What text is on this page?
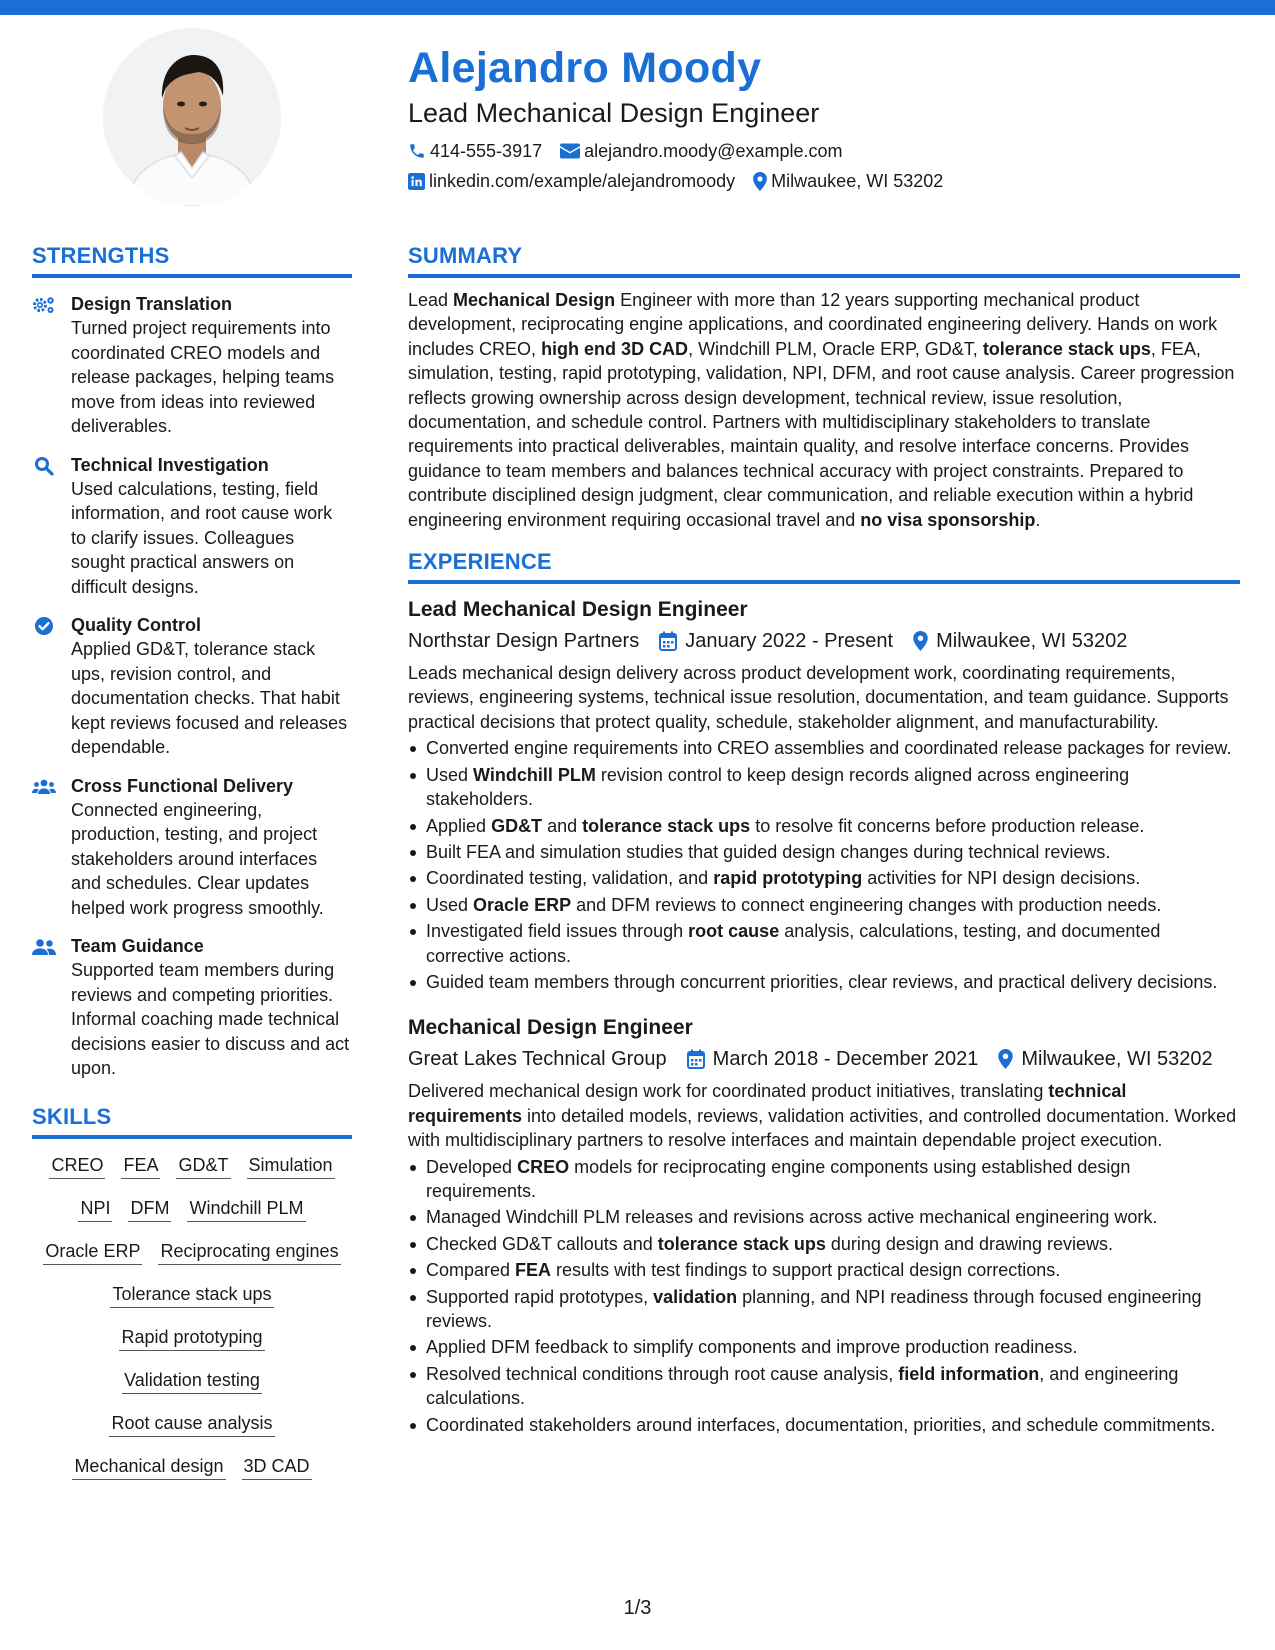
Alejandro Moody
Lead Mechanical Design Engineer
414-555-3917 alejandro.moody@example.com
linkedin.com/example/alejandromoody Milwaukee, WI 53202
STRENGTHS
Design Translation
Turned project requirements into coordinated CREO models and release packages, helping teams move from ideas into reviewed deliverables.
Technical Investigation
Used calculations, testing, field information, and root cause work to clarify issues. Colleagues sought practical answers on difficult designs.
Quality Control
Applied GD&T, tolerance stack ups, revision control, and documentation checks. That habit kept reviews focused and releases dependable.
Cross Functional Delivery
Connected engineering, production, testing, and project stakeholders around interfaces and schedules. Clear updates helped work progress smoothly.
Team Guidance
Supported team members during reviews and competing priorities. Informal coaching made technical decisions easier to discuss and act upon.
SKILLS
CREO FEA GD&T Simulation
NPI DFM Windchill PLM
Oracle ERP Reciprocating engines
Tolerance stack ups
Rapid prototyping
Validation testing
Root cause analysis
Mechanical design 3D CAD
SUMMARY

Lead Mechanical Design Engineer with more than 12 years supporting mechanical product development, reciprocating engine applications, and coordinated engineering delivery. Hands on work includes CREO, high end 3D CAD, Windchill PLM, Oracle ERP, GD&T, tolerance stack ups, FEA, simulation, testing, rapid prototyping, validation, NPI, DFM, and root cause analysis. Career progression reflects growing ownership across design development, technical review, issue resolution, documentation, and schedule control. Partners with multidisciplinary stakeholders to translate requirements into practical deliverables, maintain quality, and resolve interface concerns. Provides guidance to team members and balances technical accuracy with project constraints. Prepared to contribute disciplined design judgment, clear communication, and reliable execution within a hybrid engineering environment requiring occasional travel and no visa sponsorship.

EXPERIENCE
Lead Mechanical Design Engineer
Northstar Design Partners	January 2022 - Present	Milwaukee, WI 53202

Leads mechanical design delivery across product development work, coordinating requirements, reviews, engineering systems, technical issue resolution, documentation, and team guidance. Supports practical decisions that protect quality, schedule, stakeholder alignment, and manufacturability.

Converted engine requirements into CREO assemblies and coordinated release packages for review.
Used Windchill PLM revision control to keep design records aligned across engineering stakeholders.
Applied GD&T and tolerance stack ups to resolve fit concerns before production release.
Built FEA and simulation studies that guided design changes during technical reviews.
Coordinated testing, validation, and rapid prototyping activities for NPI design decisions.
Used Oracle ERP and DFM reviews to connect engineering changes with production needs.
Investigated field issues through root cause analysis, calculations, testing, and documented corrective actions.
Guided team members through concurrent priorities, clear reviews, and practical delivery decisions.
Mechanical Design Engineer
Great Lakes Technical Group	March 2018 - December 2021	Milwaukee, WI 53202

Delivered mechanical design work for coordinated product initiatives, translating technical requirements into detailed models, reviews, validation activities, and controlled documentation. Worked with multidisciplinary partners to resolve interfaces and maintain dependable project execution.

Developed CREO models for reciprocating engine components using established design requirements.
Managed Windchill PLM releases and revisions across active mechanical engineering work.
Checked GD&T callouts and tolerance stack ups during design and drawing reviews.
Compared FEA results with test findings to support practical design corrections.
Supported rapid prototypes, validation planning, and NPI readiness through focused engineering reviews.
Applied DFM feedback to simplify components and improve production readiness.
Resolved technical conditions through root cause analysis, field information, and engineering calculations.
Coordinated stakeholders around interfaces, documentation, priorities, and schedule commitments.
1/3
